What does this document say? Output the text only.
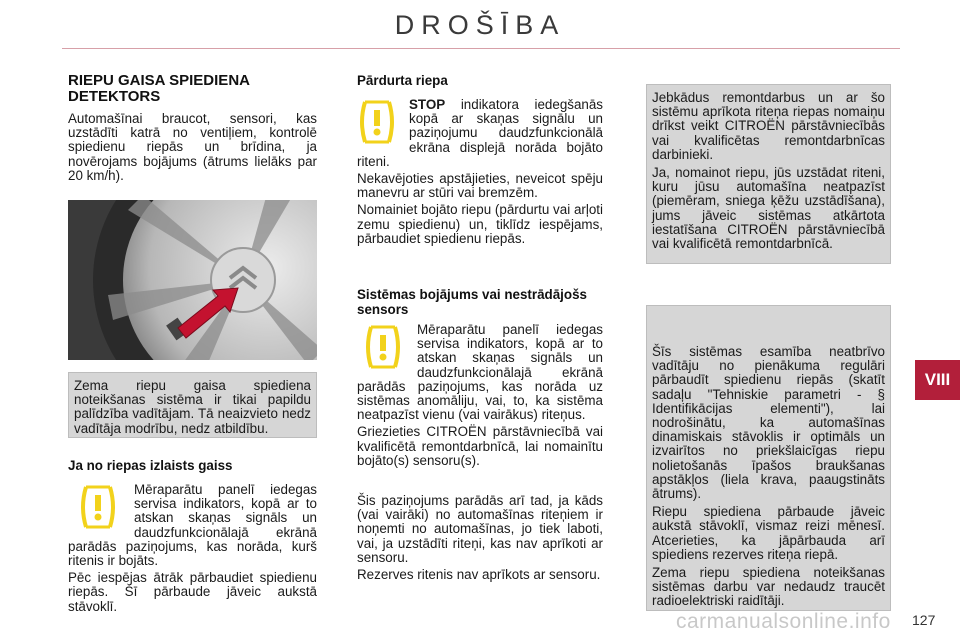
DROŠĪBA
RIEPU GAISA SPIEDIENA DETEKTORS

Automašīnai braucot, sensori, kas uzstādīti katrā no ventiļiem, kontrolē spiedienu riepās un brīdina, ja novērojams bojājums (ātrums lielāks par 20 km/h).

Zema riepu gaisa spiediena noteikšanas sistēma ir tikai papildu palīdzība vadītājam. Tā neaizvieto nedz vadītāja modrību, nedz atbildību.

Ja no riepas izlaists gaiss

Mēraparātu panelī iedegas servisa indikators, kopā ar to atskan skaņas signāls un daudzfunkcionālajā ekrānā parādās paziņojums, kas norāda, kurš ritenis ir bojāts.

Pēc iespējas ātrāk pārbaudiet spiedienu riepās. Šī pārbaude jāveic aukstā stāvoklī.

Pārdurta riepa

STOP indikatora iedegšanās kopā ar skaņas signālu un paziņojumu daudzfunkcionālā ekrāna displejā norāda bojāto riteni.

Nekavējoties apstājieties, neveicot spēju manevru ar stūri vai bremzēm.

Nomainiet bojāto riepu (pārdurtu vai arļoti zemu spiedienu) un, tiklīdz iespējams, pārbaudiet spiedienu riepās.

Sistēmas bojājums vai nestrādājošs sensors

Mēraparātu panelī iedegas servisa indikators, kopā ar to atskan skaņas signāls un daudzfunkcionālajā ekrānā parādās paziņojums, kas norāda uz sistēmas anomāliju, vai, to, ka sistēma neatpazīst vienu (vai vairākus) riteņus.

Griezieties CITROËN pārstāvniecībā vai kvalificētā remontdarbnīcā, lai nomainītu bojāto(s) sensoru(s).

Šis paziņojums parādās arī tad, ja kāds (vai vairāki) no automašīnas riteņiem ir noņemti no automašīnas, jo tiek laboti, vai, ja uzstādīti riteņi, kas nav aprīkoti ar sensoru.

Rezerves ritenis nav aprīkots ar sensoru.

Jebkādus remontdarbus un ar šo sistēmu aprīkota riteņa riepas nomaiņu drīkst veikt CITROËN pārstāvniecībās vai kvalificētas remontdarbnīcas darbinieki.

Ja, nomainot riepu, jūs uzstādat riteni, kuru jūsu automašīna neatpazīst (piemēram, sniega ķēžu uzstādīšana), jums jāveic sistēmas atkārtota iestatīšana CITROËN pārstāvniecībā vai kvalificētā remontdarbnīcā.

Šīs sistēmas esamība neatbrīvo vadītāju no pienākuma regulāri pārbaudīt spiedienu riepās (skatīt sadaļu "Tehniskie parametri - § Identifikācijas elementi"), lai nodrošinātu, ka automašīnas dinamiskais stāvoklis ir optimāls un izvairītos no priekšlaicīgas riepu nolietošanās īpašos braukšanas apstākļos (liela krava, paaugstināts ātrums).

Riepu spiediena pārbaude jāveic aukstā stāvoklī, vismaz reizi mēnesī. Atcerieties, ka jāpārbauda arī spiediens rezerves riteņa riepā.

Zema riepu spiediena noteikšanas sistēmas darbu var nedaudz traucēt radioelektriski raidītāji.

VIII
carmanualsonline.info 127
